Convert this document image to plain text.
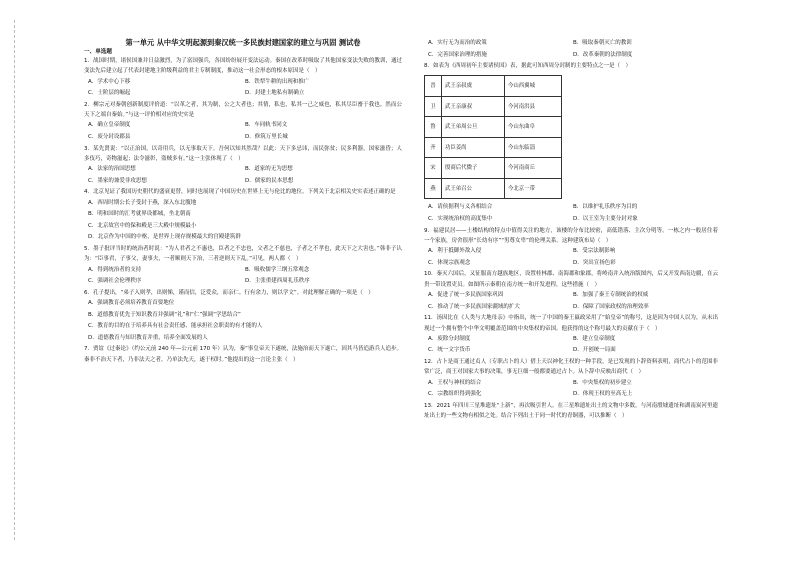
第一单元 从中华文明起源到秦汉统一多民族封建国家的建立与巩固 测试卷
一、单选题
1．战国时期，诸侯国兼并日益激烈，为了富国强兵，各国纷纷展开变法运动。秦国在改革时吸取了其他国家变法失败的教训，通过变法先后建立起了代表封建地主阶级利益的君主专制制度，推动这一社会形态的根本原因是（　）
A．学术中心下移	B．铁犁牛耕的出现和推广
C．士阶层的崛起	D．封建土地私有制确立
2．柳宗元对秦朝创新制度评价道：“以革之者，其为制，公之大者也；其情，私也，私其一己之威也，私其尽臣畜于我也。然而公天下之端自秦始。”与这一评价相对应的史实是
A．确立皇帝制度	B．车同轨书同文
C．废分封设郡县	D．修筑万里长城
3．某先贤说：“以正治国，以奇用兵，以无事取天下。吾何以知其然哉？以此：天下多忌讳，而民弥贫；民多利器，国家滋昏；人多伎巧，奇物滋起；法令滋彰，盗贼多有。”这一主张体现了（　）
A．法家的治国思想	B．道家的无为思想
C．墨家的兼爱非攻思想	D．儒家的民本思想
4．北京见证了我国历史朝代的盛衰更替，同时也展现了中国历史在世界上无与伦比的地位。下列关于北京相关史实表述正确的是
A．西周时期公长子受封于燕，深入东北腹地
B．明和国时的汇考就界设都城，坐北朝南
C．北京故宫中的保和殿是三大殿中规模最小
D．北京作为中国的中枢，是世界上现存规模最大的宫殿建筑群
5．墨子批评当时的统治者时说：“为人君者之不惠也，臣者之不忠也，父者之不慈也，子者之不孝也，此天下之大害也。”韩非子认为：“臣事君，子事父，妻事夫，一者顺则天下治，三者逆则天下乱。”可见，两人都（　）
A．得到统治者的支持	B．吸收儒学三纲五常观念
C．强调社会伦理秩序	D．主张重建西周礼乐秩序
6．孔子提出，“弟子入则孝，出则悌，谨而信，泛爱众，而亲仁。行有余力，则以学文”。对此理解正确的一项是（　）
A．强调教育必须培养教育首要地位
B．道德教育优先于知识教育并强调“礼”和“仁”强调“学思结合”
C．教育的目的在于培养具有社会责任感、能承担社会职责的有才能的人
D．道德教育与知识教育并重，培养全面发展的人
7．贾谊《过秦论》（约公元前 240 年—公元前 170 年）认为，秦“事皇帝天下遂统，法施治而天下遂亡，因其马皆追游兵人追步。秦非不治天下者，乃非法天之者，乃单法先天，遂于权时。”他提出的这一言论主张（　）
A．实行无为而治的政策	B．吸取秦朝灭亡的教训
C．完善国家治理的措施	D．改革秦朝的法律制度
8．如表为《西周初年主要诸侯国》表，据此可知西周分封制的主要特点之一是（　）
晋	武王亲叔虞	今山西翼城
卫	武王亲康叔	今河南洪县
鲁	武王弟周公旦	今山东曲阜
齐	功臣姜尚	今山东临淄
宋	殷商后代微子	今河南商丘
燕	武王弟召公	今北京一带
A．请侯据利与义各相结合	B．以维护礼乐秩序为目的
C．实现统治权的高度集中	D．以王室为主要分封对象
9．福建民居——土楼结构的特点中值得关注的地方，该楼的分布比较密，高低错落、主次分明等。一栋之内一般居住着一个家族，房舍很形“长幼有序”“男尊女卑”的伦理关系。这种建筑布局（　）
A．利于抵御外敌入侵	B．受宗法制影响
C．体现宗族观念	D．突出宣扬色彩
10．秦灭六国后，又征服南方越族地区，设置桂林郡、南海郡和象郡，将岭南并入统治版图内，后又开发西南边疆，在云贵一带设置吏员。如图所示秦朝在南方统一和开发进程，这些措施（　）
A．促进了统一多民族国家巩固	B．加强了秦王专制统治的权威
C．推动了统一多民族国家疆域的扩大	D．保障了国家政权的治理效率
11．汤因比在《人类与大地母亲》中指出，统一了中国的秦王嬴政采用了“始皇帝”的称号，这是因为中国人以为，从未出现过一个拥有整个中华文明覆盖范围的中央集权的帝国。他获得的这个称号最大的贡献在于（　）
A．废除分封制度	B．建立皇帝制度
C．统一文字货币	D．开创统一局面
12．占卜是商王通过贞人（专职占卜的人）借上天以神化王权的一种手段，是已发现的卜辞资料表明，商代占卜的范围非常广泛，商王对国家大事的决策，事无巨细一般都要通过占卜。从卜辞中反映出商代（　）
A．王权与神权的结合	B．中央集权的初步建立
C．宗教组织得到强化	D．体现王权的至高无上
13．2021 年四川三星堆遗址“上新”，再次吸引世人。在三星堆遗址出土的文物中多数，与河南殷墟遗址和湖南炭河里遗址出土的一些文物有相似之处。结合下列出土于同一时代的青铜器，可以推断（　）
